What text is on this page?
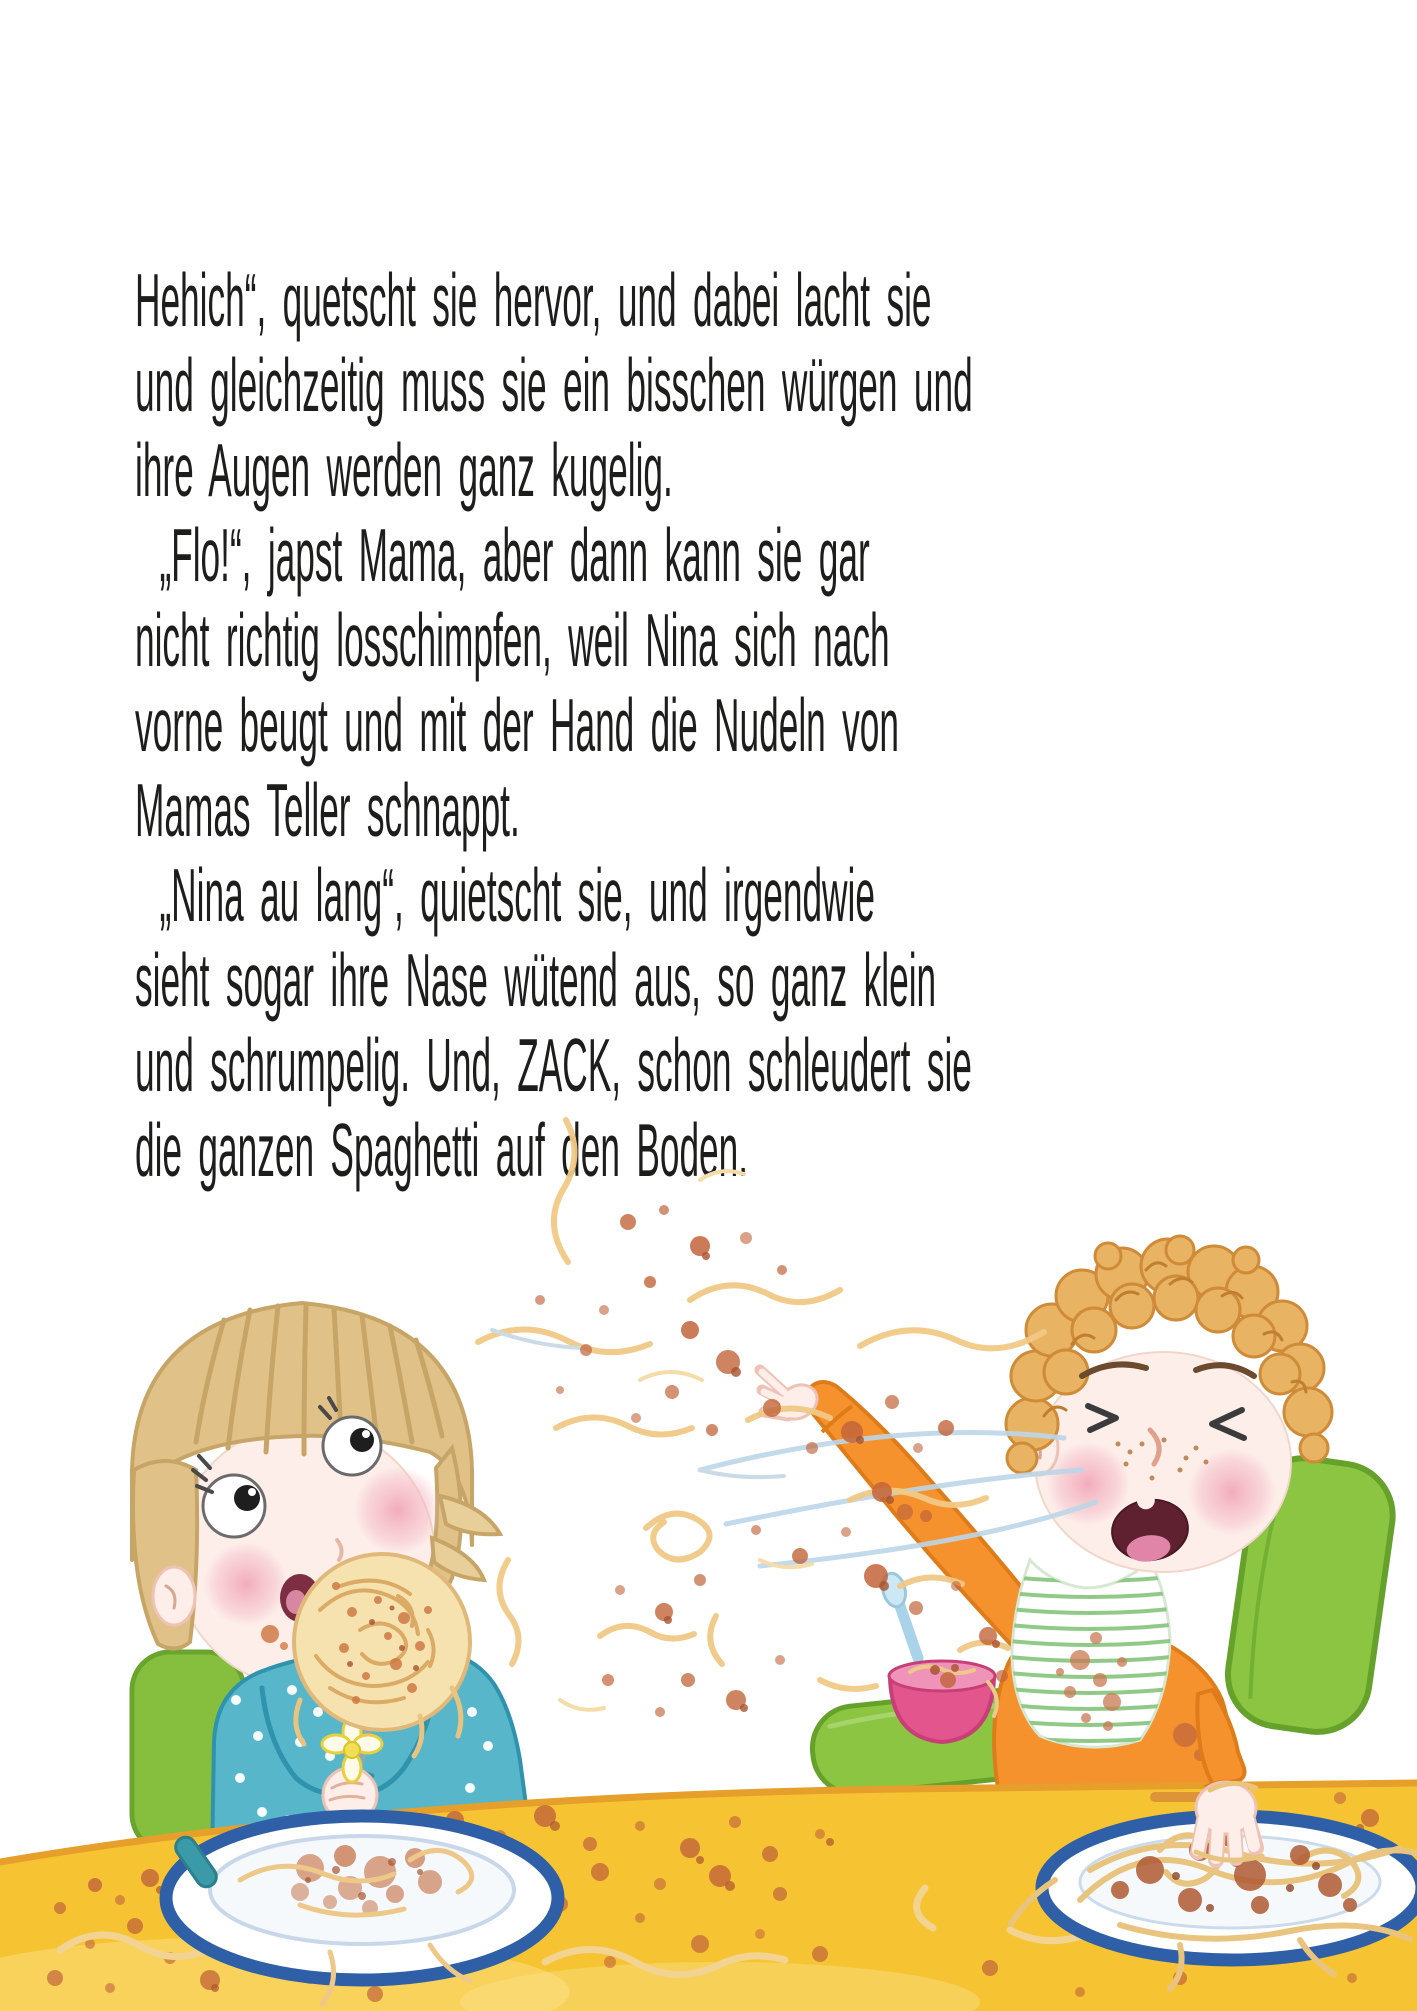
Hehich“, quetscht sie hervor, und dabei lacht sie
und gleichzeitig muss sie ein bisschen würgen und
ihre Augen werden ganz kugelig.
„Flo!“, japst Mama, aber dann kann sie gar
nicht richtig losschimpfen, weil Nina sich nach
vorne beugt und mit der Hand die Nudeln von
Mamas Teller schnappt.
„Nina au lang“, quietscht sie, und irgendwie
sieht sogar ihre Nase wütend aus, so ganz klein
und schrumpelig. Und, ZACK, schon schleudert sie
die ganzen Spaghetti auf den Boden.
